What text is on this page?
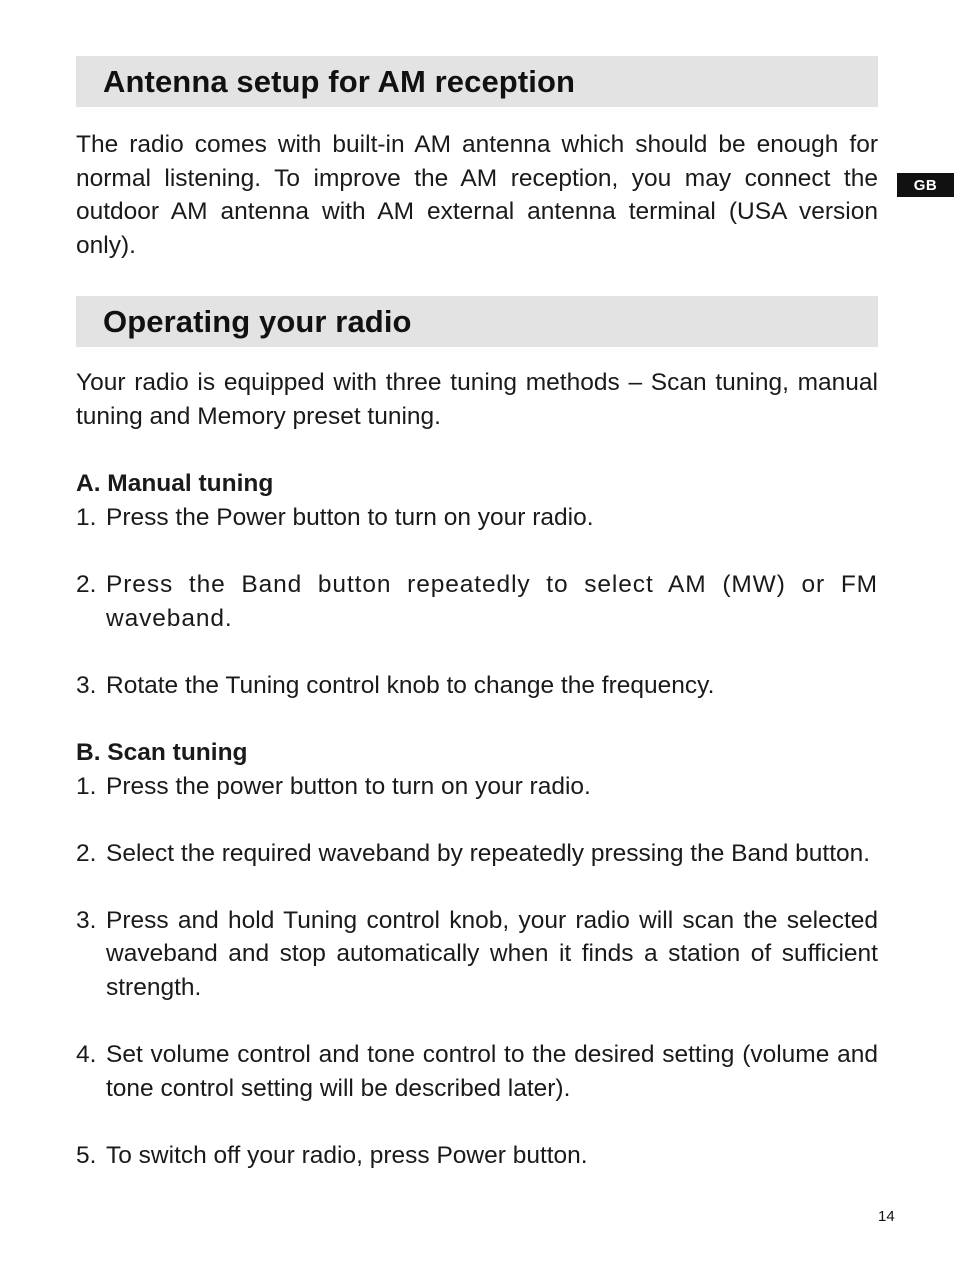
GB
Antenna setup for AM reception

The radio comes with built-in AM antenna which should be enough for normal listening. To improve the AM reception, you may connect the outdoor AM antenna with AM external antenna terminal (USA version only).

Operating your radio

Your radio is equipped with three tuning methods – Scan tuning, manual tuning and Memory preset tuning.

A. Manual tuning

1. Press the Power button to turn on your radio.
2. Press the Band button repeatedly to select AM (MW) or FM waveband.
3. Rotate the Tuning control knob to change the frequency.

B. Scan tuning

1. Press the power button to turn on your radio.
2. Select the required waveband by repeatedly pressing the Band button.
3. Press and hold Tuning control knob, your radio will scan the selected waveband and stop automatically when it finds a station of sufficient strength.
4. Set volume control and tone control to the desired setting (volume and tone control setting will be described later).
5. To switch off your radio, press Power button.
14
